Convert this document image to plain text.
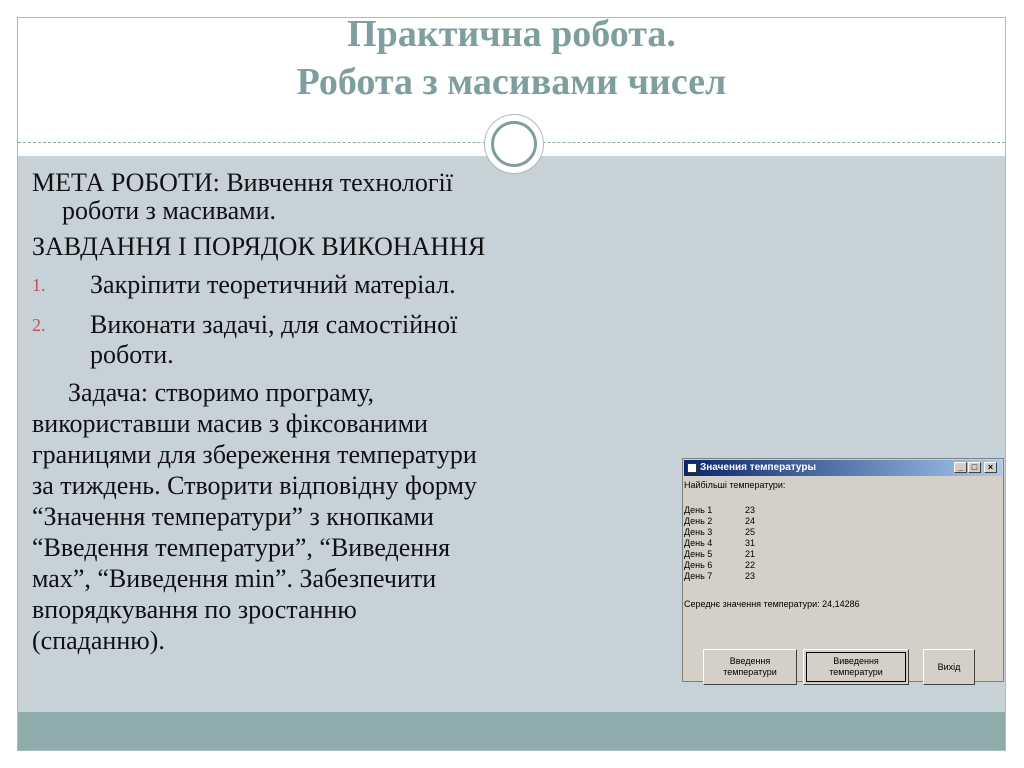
Практична робота.
Робота з масивами чисел
МЕТА РОБОТИ: Вивчення технології
роботи з масивами.
ЗАВДАННЯ І ПОРЯДОК ВИКОНАННЯ
1. Закріпити теоретичний матеріал.
2. Виконати задачі, для самостійної
роботи.
Задача: створимо програму,
використавши масив з фіксованими
границями для збереження температури
за тиждень. Створити відповідну форму
“Значення температури” з кнопками
“Введення температури”, “Виведення
мах”, “Виведення min”. Забезпечити
впорядкування по зростанню
(спаданню).
Значения температуры	_ □	×
Найбільші температури:
День 1	23
День 2	24
День 3	25
День 4	31
День 5	21
День 6	22
День 7	23
Середнє значення температури: 24,14286
Введення
температури
Виведення
температури
Вихід
